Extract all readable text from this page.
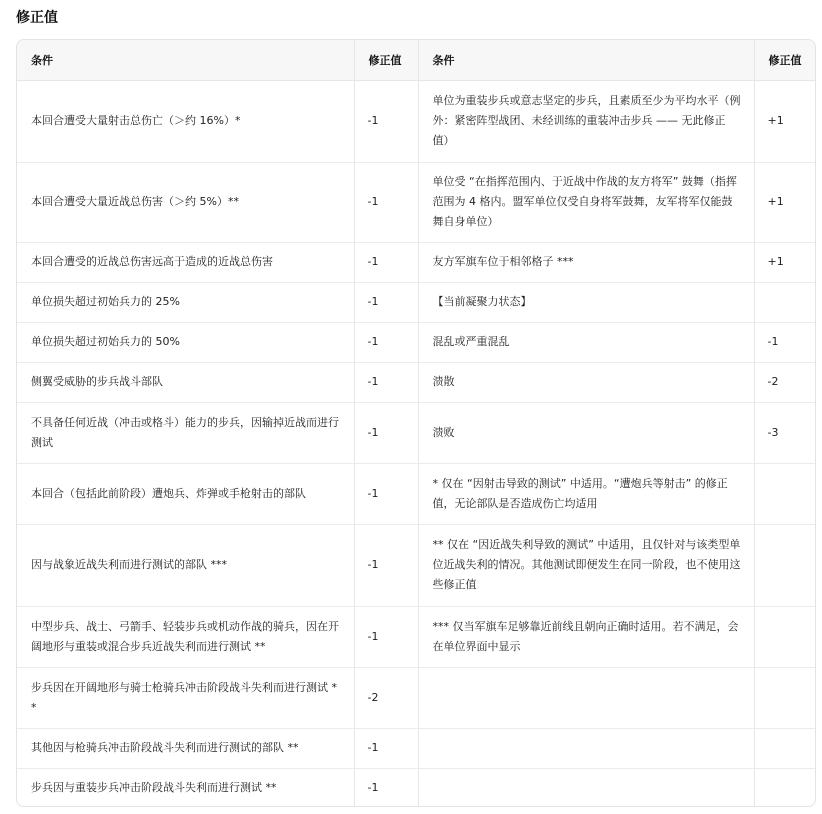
修正值
条件	修正值	条件	修正值
本回合遭受大量射击总伤亡（＞约 16%）*	-1	单位为重装步兵或意志坚定的步兵，且素质至少为平均水平（例外：紧密阵型战团、未经训练的重装冲击步兵 —— 无此修正值）	+1
本回合遭受大量近战总伤害（＞约 5%）**	-1	单位受 “在指挥范围内、于近战中作战的友方将军” 鼓舞（指挥范围为 4 格内。盟军单位仅受自身将军鼓舞，友军将军仅能鼓舞自身单位）	+1
本回合遭受的近战总伤害远高于造成的近战总伤害	-1	友方军旗车位于相邻格子 ***	+1
单位损失超过初始兵力的 25%	-1	【当前凝聚力状态】	
单位损失超过初始兵力的 50%	-1	混乱或严重混乱	-1
侧翼受威胁的步兵战斗部队	-1	溃散	-2
不具备任何近战（冲击或格斗）能力的步兵，因输掉近战而进行测试	-1	溃败	-3
本回合（包括此前阶段）遭炮兵、炸弹或手枪射击的部队	-1	* 仅在 “因射击导致的测试” 中适用。“遭炮兵等射击” 的修正值，无论部队是否造成伤亡均适用	
因与战象近战失利而进行测试的部队 ***	-1	** 仅在 “因近战失利导致的测试” 中适用，且仅针对与该类型单位近战失利的情况。其他测试即便发生在同一阶段，也不使用这些修正值	
中型步兵、战士、弓箭手、轻装步兵或机动作战的骑兵，因在开阔地形与重装或混合步兵近战失利而进行测试 **	-1	*** 仅当军旗车足够靠近前线且朝向正确时适用。若不满足，会在单位界面中显示	
步兵因在开阔地形与骑士枪骑兵冲击阶段战斗失利而进行测试 **	-2		
其他因与枪骑兵冲击阶段战斗失利而进行测试的部队 **	-1		
步兵因与重装步兵冲击阶段战斗失利而进行测试 **	-1		
